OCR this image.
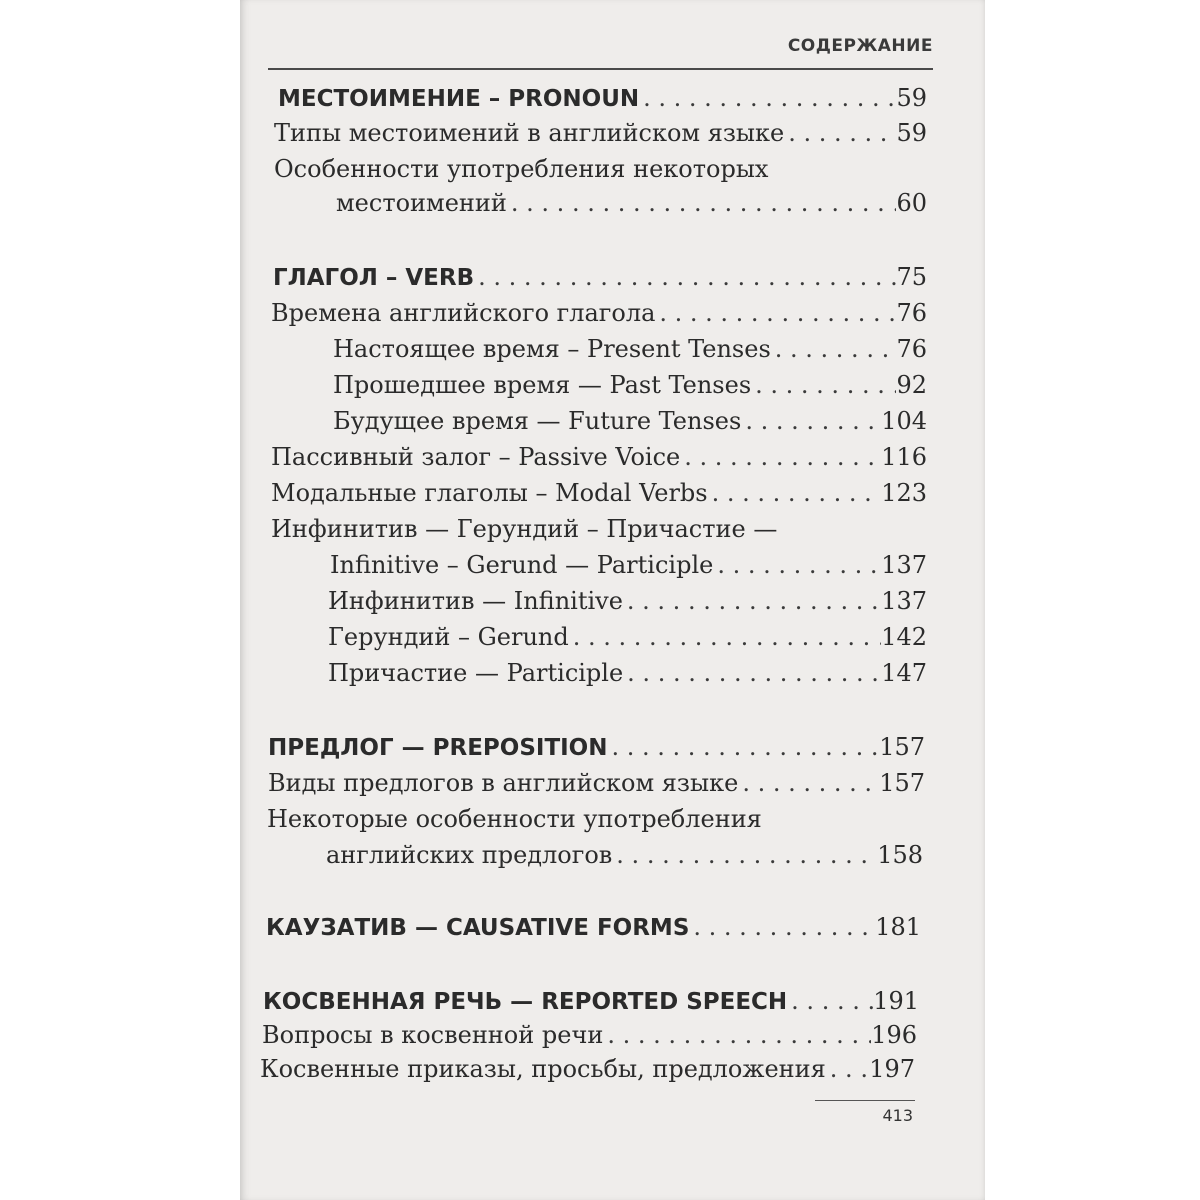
СОДЕРЖАНИЕ
МЕСТОИМЕНИЕ – PRONOUN . . .	59
Типы местоимений в английском языке . . .	59
Особенности употребления некоторых
местоимений . . .	60
ГЛАГОЛ – VERB . . .	75
Времена английского глагола . . .	76
Настоящее время – Present Tenses . . .	76
Прошедшее время — Past Tenses . . .	92
Будущее время — Future Tenses . . .	104
Пассивный залог – Passive Voice . . .	116
Модальные глаголы – Modal Verbs . . .	123
Инфинитив — Герундий – Причастие —
Infinitive – Gerund — Participle . . .	137
Инфинитив — Infinitive . . .	137
Герундий – Gerund . . .	142
Причастие — Participle . . .	147
ПРЕДЛОГ — PREPOSITION . . .	157
Виды предлогов в английском языке . . .	157
Некоторые особенности употребления
английских предлогов . . .	158
КАУЗАТИВ — CAUSATIVE FORMS . . .	181
КОСВЕННАЯ РЕЧЬ — REPORTED SPEECH . . .	191
Вопросы в косвенной речи . . .	196
Косвенные приказы, просьбы, предложения . . . 197
413
